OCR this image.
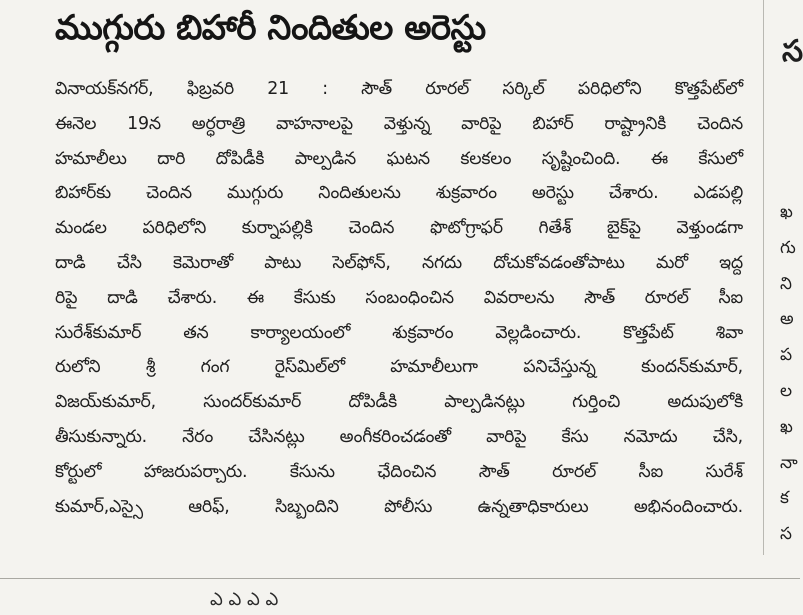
ముగ్గురు బిహారీ నిందితుల అరెస్టు
వినాయక్‌నగర్, ఫిబ్రవరి 21 : సౌత్ రూరల్ సర్కిల్ పరిధిలోని కొత్తపేట్‌లో
ఈనెల 19న అర్ధరాత్రి వాహనాలపై వెళ్తున్న వారిపై బిహార్ రాష్ట్రానికి చెందిన
హమాలీలు దారి దోపిడీకి పాల్పడిన ఘటన కలకలం సృష్టించింది. ఈ కేసులో
బిహార్‌కు చెందిన ముగ్గురు నిందితులను శుక్రవారం అరెస్టు చేశారు. ఎడపల్లి
మండల పరిధిలోని కుర్నాపల్లికి చెందిన ఫొటోగ్రాఫర్ గితేశ్ బైక్‌పై వెళ్తుండగా
దాడి చేసి కెమెరాతో పాటు సెల్‌ఫోన్, నగదు దోచుకోవడంతోపాటు మరో ఇద్ద
రిపై దాడి చేశారు. ఈ కేసుకు సంబంధించిన వివరాలను సౌత్ రూరల్ సీఐ
సురేశ్‌కుమార్ తన కార్యాలయంలో శుక్రవారం వెల్లడించారు. కొత్తపేట్ శివా
రులోని శ్రీ గంగ రైస్‌మిల్‌లో హమాలీలుగా పనిచేస్తున్న కుందన్‌కుమార్,
విజయ్‌కుమార్, సుందర్‌కుమార్ దోపిడీకి పాల్పడినట్లు గుర్తించి అదుపులోకి
తీసుకున్నారు. నేరం చేసినట్లు అంగీకరించడంతో వారిపై కేసు నమోదు చేసి,
కోర్టులో హాజరుపర్చారు. కేసును ఛేదించిన సౌత్ రూరల్ సీఐ సురేశ్
కుమార్,ఎస్సై ఆరిఫ్, సిబ్బందిని పోలీసు ఉన్నతాధికారులు అభినందించారు.
స
ఖ
గు
ని
అ
ప
ల
ఖ
నా
క
స
ఎ ఎ ఎ ఎ
